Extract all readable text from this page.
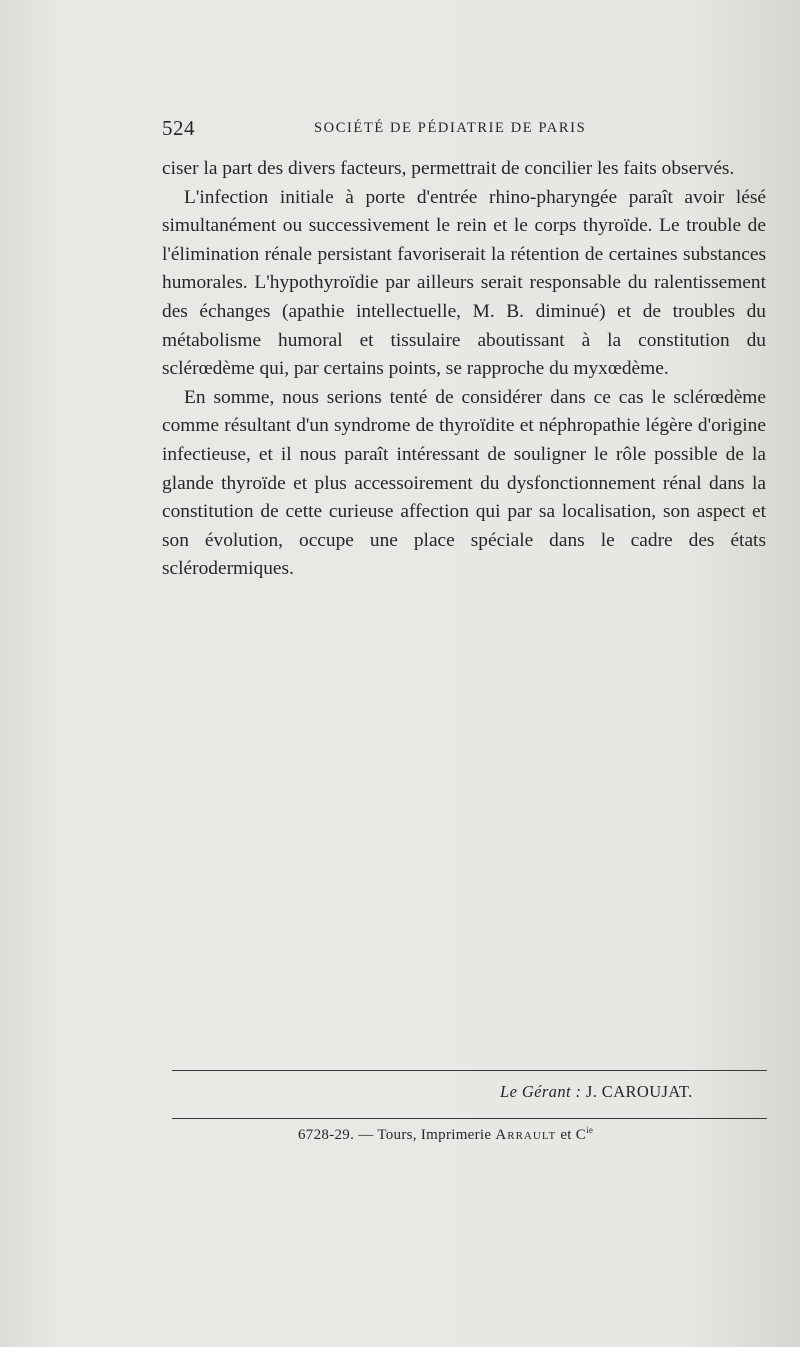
524	SOCIÉTÉ DE PÉDIATRIE DE PARIS

ciser la part des divers facteurs, permettrait de concilier les faits observés.

L'infection initiale à porte d'entrée rhino-pharyngée paraît avoir lésé simultanément ou successivement le rein et le corps thyroïde. Le trouble de l'élimination rénale persistant favoriserait la rétention de certaines substances humorales. L'hypothyroïdie par ailleurs serait responsable du ralentissement des échanges (apathie intellectuelle, M. B. diminué) et de troubles du métabolisme humoral et tissulaire aboutissant à la constitution du sclérœdème qui, par certains points, se rapproche du myxœdème.

En somme, nous serions tenté de considérer dans ce cas le sclérœdème comme résultant d'un syndrome de thyroïdite et néphropathie légère d'origine infectieuse, et il nous paraît intéressant de souligner le rôle possible de la glande thyroïde et plus accessoirement du dysfonctionnement rénal dans la constitution de cette curieuse affection qui par sa localisation, son aspect et son évolution, occupe une place spéciale dans le cadre des états sclérodermiques.

Le Gérant : J. CAROUJAT.
6728-29. — Tours, Imprimerie Arrault et $C^{ie}$
